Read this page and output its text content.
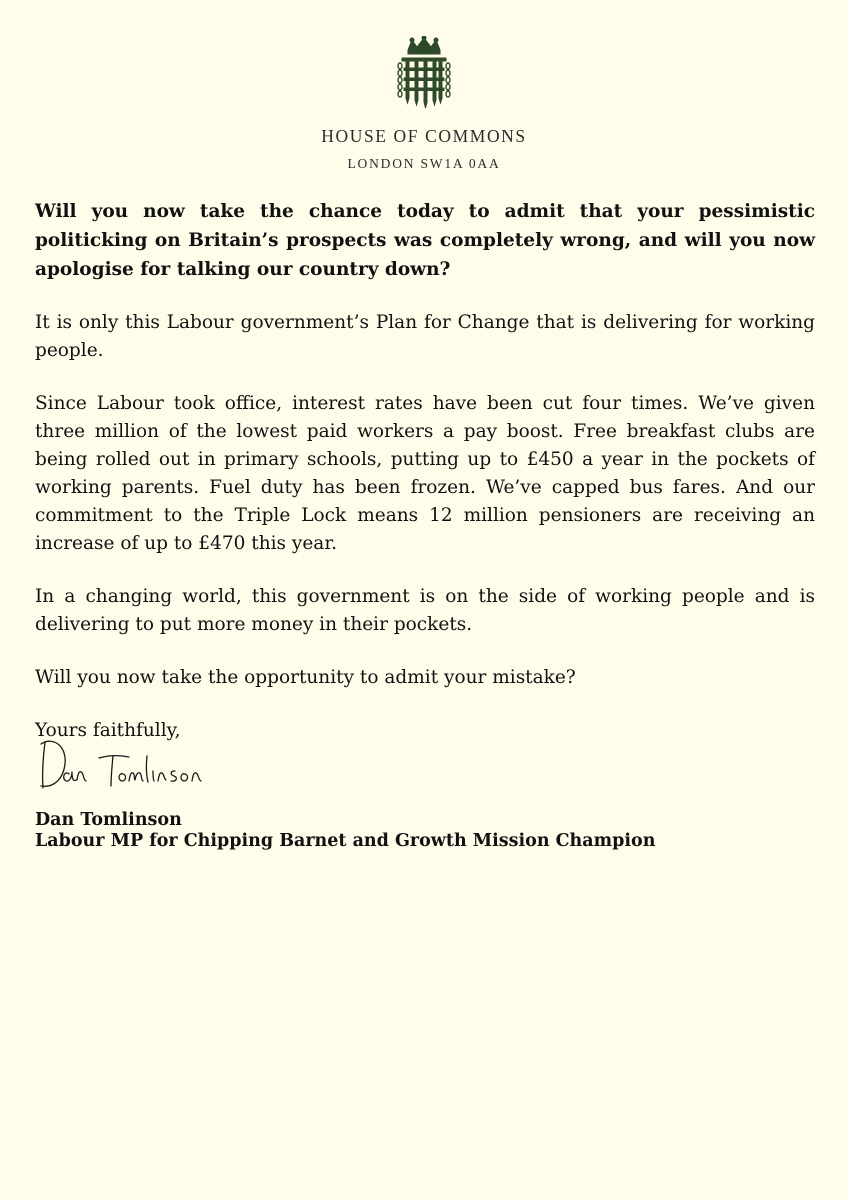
HOUSE OF COMMONS
LONDON SW1A 0AA

Will you now take the chance today to admit that your pessimistic politicking on Britain’s prospects was completely wrong, and will you now apologise for talking our country down?

It is only this Labour government’s Plan for Change that is delivering for working people.

Since Labour took office, interest rates have been cut four times. We’ve given three million of the lowest paid workers a pay boost. Free breakfast clubs are being rolled out in primary schools, putting up to £450 a year in the pockets of working parents. Fuel duty has been frozen. We’ve capped bus fares. And our commitment to the Triple Lock means 12 million pensioners are receiving an increase of up to £470 this year.

In a changing world, this government is on the side of working people and is delivering to put more money in their pockets.

Will you now take the opportunity to admit your mistake?

Yours faithfully,

Dan Tomlinson
Labour MP for Chipping Barnet and Growth Mission Champion
